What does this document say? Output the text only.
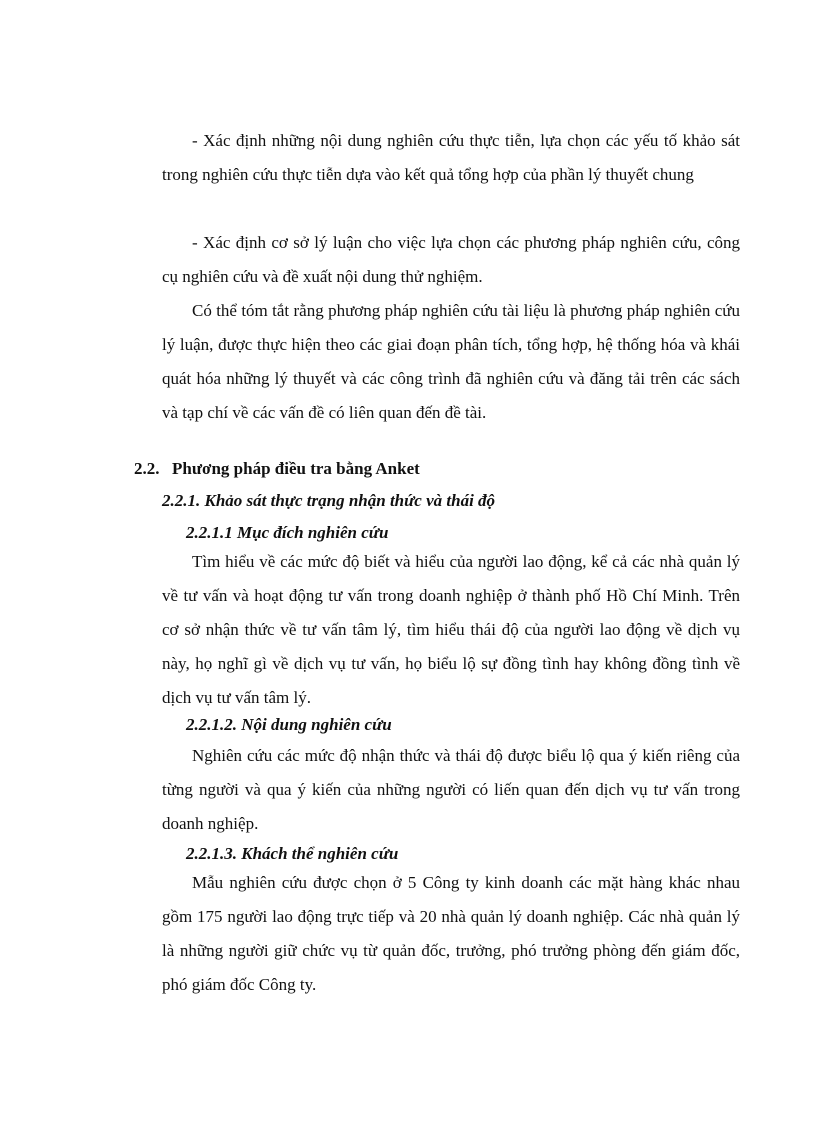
- Xác định những nội dung nghiên cứu thực tiễn, lựa chọn các yếu tố khảo sát trong nghiên cứu thực tiễn dựa vào kết quả tổng hợp của phần lý thuyết chung

- Xác định cơ sở lý luận cho việc lựa chọn các phương pháp nghiên cứu, công cụ nghiên cứu và đề xuất nội dung thử nghiệm.

Có thể tóm tắt rằng phương pháp nghiên cứu tài liệu là phương pháp nghiên cứu lý luận, được thực hiện theo các giai đoạn phân tích, tổng hợp, hệ thống hóa và khái quát hóa những lý thuyết và các công trình đã nghiên cứu và đăng tải trên các sách và tạp chí về các vấn đề có liên quan đến đề tài.

2.2. Phương pháp điều tra bằng Anket
2.2.1. Khảo sát thực trạng nhận thức và thái độ
2.2.1.1 Mục đích nghiên cứu

Tìm hiểu về các mức độ biết và hiểu của người lao động, kể cả các nhà quản lý về tư vấn và hoạt động tư vấn trong doanh nghiệp ở thành phố Hồ Chí Minh. Trên cơ sở nhận thức về tư vấn tâm lý, tìm hiểu thái độ của người lao động về dịch vụ này, họ nghĩ gì về dịch vụ tư vấn, họ biểu lộ sự đồng tình hay không đồng tình về dịch vụ tư vấn tâm lý.

2.2.1.2. Nội dung nghiên cứu

Nghiên cứu các mức độ nhận thức và thái độ được biểu lộ qua ý kiến riêng của từng người và qua ý kiến của những người có liến quan đến dịch vụ tư vấn trong doanh nghiệp.

2.2.1.3. Khách thể nghiên cứu

Mẫu nghiên cứu được chọn ở 5 Công ty kinh doanh các mặt hàng khác nhau gồm 175 người lao động trực tiếp và 20 nhà quản lý doanh nghiệp. Các nhà quản lý là những người giữ chức vụ từ quản đốc, trưởng, phó trưởng phòng đến giám đốc, phó giám đốc Công ty.
